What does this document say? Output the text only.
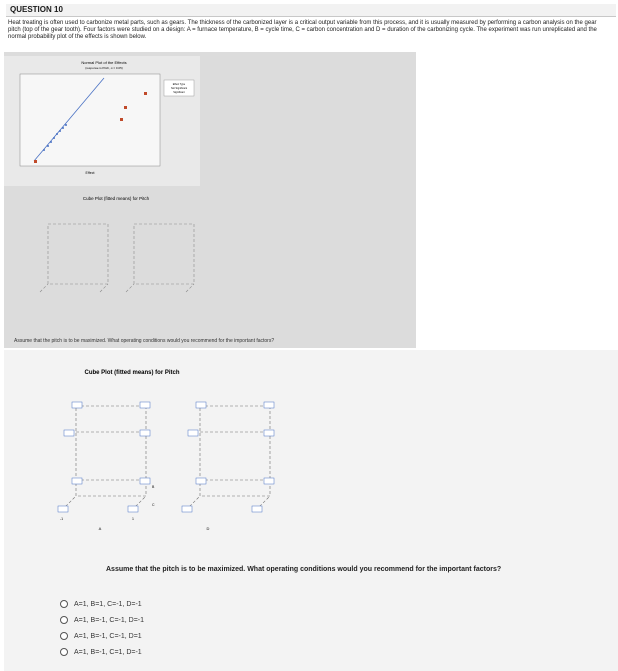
QUESTION 10
Heat treating is often used to carbonize metal parts, such as gears. The thickness of the carbonized layer is a critical output variable from this process, and it is usually measured by performing a carbon analysis on the gear pitch (top of the gear tooth). Four factors were studied on a design: A = furnace temperature, B = cycle time, C = carbon concentration and D = duration of the carbonizing cycle. The experiment was run unreplicated and the normal probability plot of the effects is shown below.
Normal Plot of the Effects
(response is Pitch, α = 0.05)
Effect Type
Not Significant
Significant
Effect
Cube Plot (fitted means) for Pitch
Assume that the pitch is to be maximized. What operating conditions would you recommend for the important factors?
Cube Plot (fitted means) for Pitch
A
-1	1
B
C
D
Assume that the pitch is to be maximized. What operating conditions would you recommend for the important factors?
A=1, B=1, C=-1, D=-1
A=1, B=-1, C=-1, D=-1
A=1, B=-1, C=-1, D=1
A=1, B=-1, C=1, D=-1
